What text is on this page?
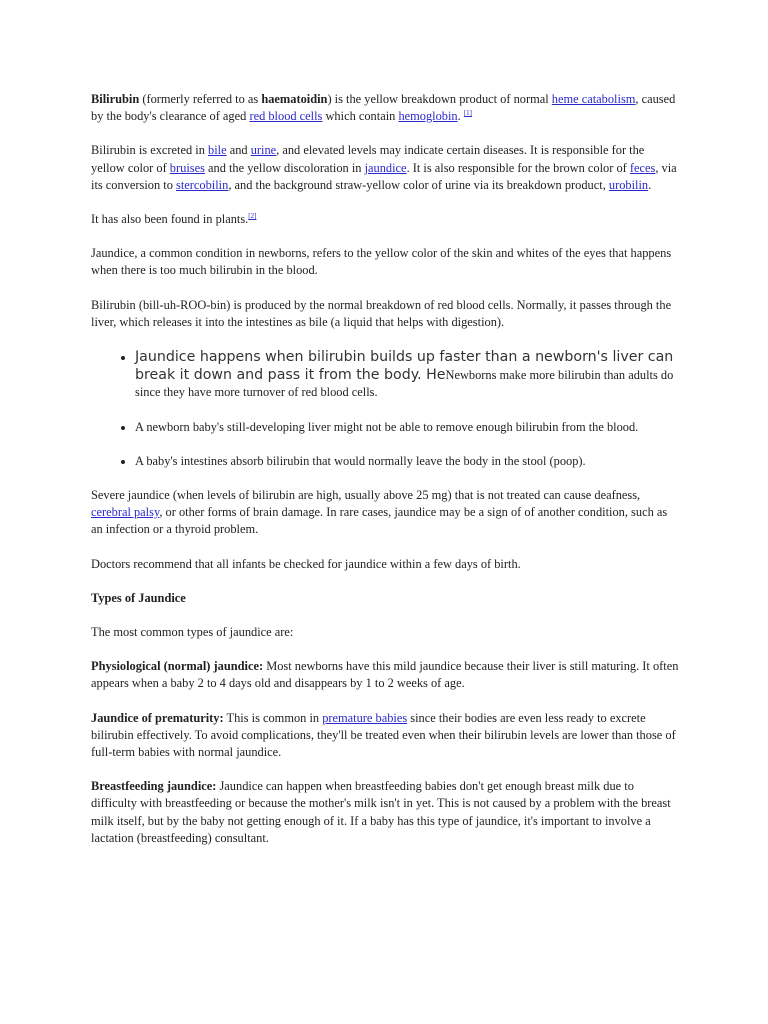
Bilirubin (formerly referred to as haematoidin) is the yellow breakdown product of normal heme catabolism, caused by the body's clearance of aged red blood cells which contain hemoglobin. [1]

Bilirubin is excreted in bile and urine, and elevated levels may indicate certain diseases. It is responsible for the yellow color of bruises and the yellow discoloration in jaundice. It is also responsible for the brown color of feces, via its conversion to stercobilin, and the background straw-yellow color of urine via its breakdown product, urobilin.

It has also been found in plants.[2]

Jaundice, a common condition in newborns, refers to the yellow color of the skin and whites of the eyes that happens when there is too much bilirubin in the blood.

Bilirubin (bill-uh-ROO-bin) is produced by the normal breakdown of red blood cells. Normally, it passes through the liver, which releases it into the intestines as bile (a liquid that helps with digestion).

• Jaundice happens when bilirubin builds up faster than a newborn's liver can break it down and pass it from the body. HeNewborns make more bilirubin than adults do since they have more turnover of red blood cells.
• A newborn baby's still-developing liver might not be able to remove enough bilirubin from the blood.
• A baby's intestines absorb bilirubin that would normally leave the body in the stool (poop).

Severe jaundice (when levels of bilirubin are high, usually above 25 mg) that is not treated can cause deafness, cerebral palsy, or other forms of brain damage. In rare cases, jaundice may be a sign of of another condition, such as an infection or a thyroid problem.

Doctors recommend that all infants be checked for jaundice within a few days of birth.

Types of Jaundice

The most common types of jaundice are:

Physiological (normal) jaundice: Most newborns have this mild jaundice because their liver is still maturing. It often appears when a baby 2 to 4 days old and disappears by 1 to 2 weeks of age.

Jaundice of prematurity: This is common in premature babies since their bodies are even less ready to excrete bilirubin effectively. To avoid complications, they'll be treated even when their bilirubin levels are lower than those of full-term babies with normal jaundice.

Breastfeeding jaundice: Jaundice can happen when breastfeeding babies don't get enough breast milk due to difficulty with breastfeeding or because the mother's milk isn't in yet. This is not caused by a problem with the breast milk itself, but by the baby not getting enough of it. If a baby has this type of jaundice, it's important to involve a lactation (breastfeeding) consultant.
